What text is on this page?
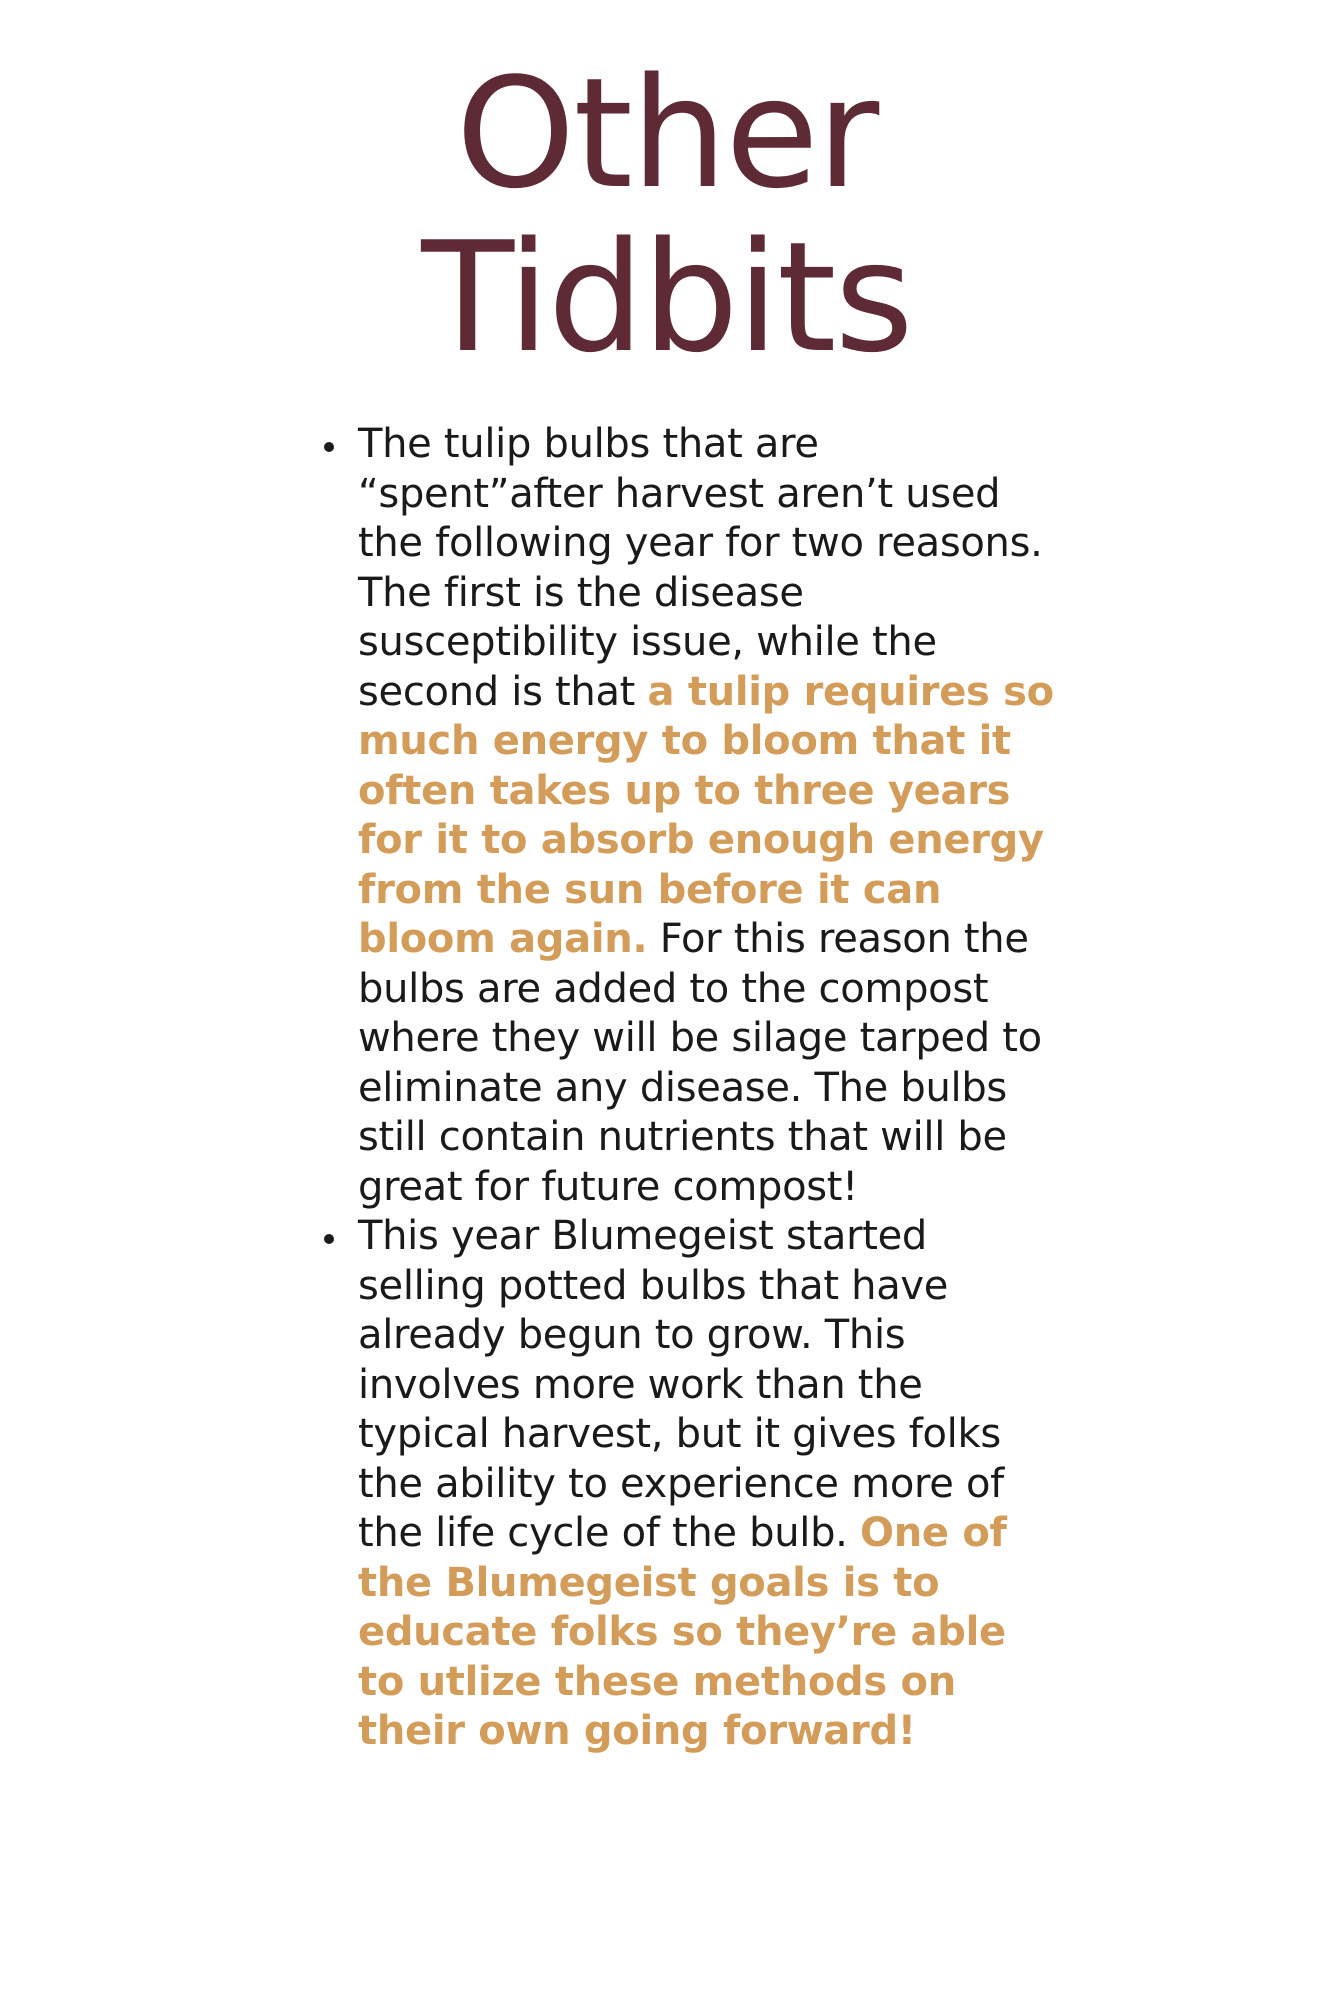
Other
Tidbits
The tulip bulbs that are “spent”after harvest aren’t used the following year for two reasons. The first is the disease susceptibility issue, while the second is that a tulip requires so much energy to bloom that it often takes up to three years for it to absorb enough energy from the sun before it can bloom again. For this reason the bulbs are added to the compost where they will be silage tarped to eliminate any disease. The bulbs still contain nutrients that will be great for future compost!
This year Blumegeist started selling potted bulbs that have already begun to grow. This involves more work than the typical harvest, but it gives folks the ability to experience more of the life cycle of the bulb. One of the Blumegeist goals is to educate folks so they’re able to utlize these methods on their own going forward!
